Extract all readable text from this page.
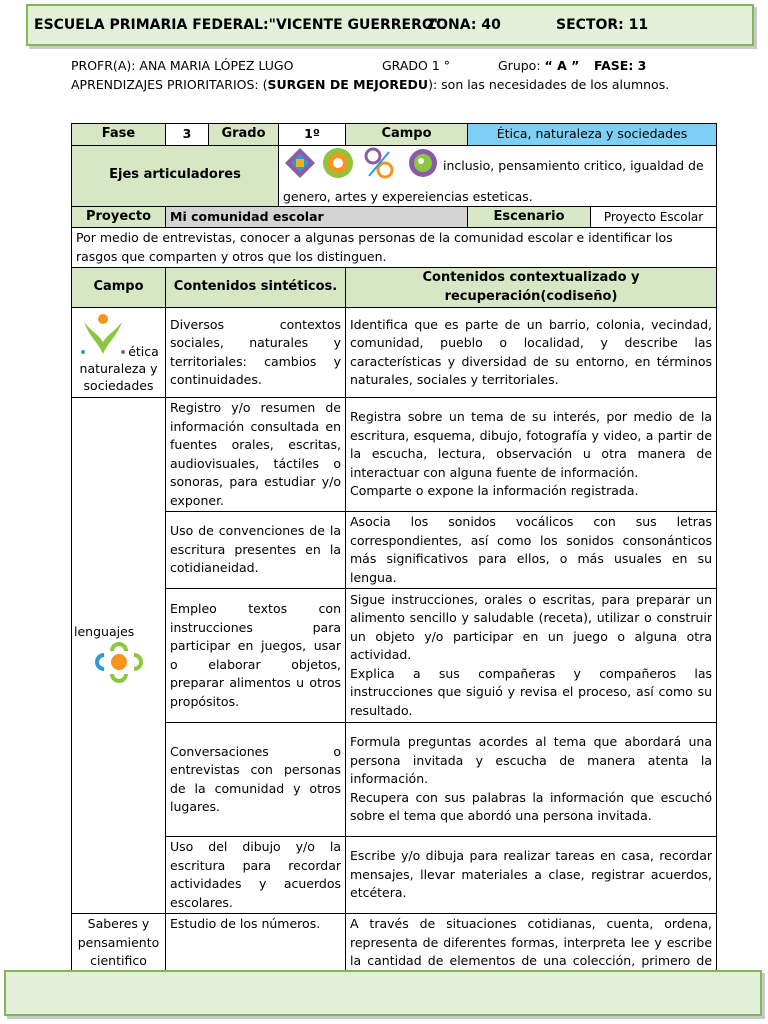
ESCUELA PRIMARIA FEDERAL:"VICENTE GUERRERO".
ZONA: 40	SECTOR: 11
PROFR(A): ANA MARIA LÓPEZ LUGO	GRADO 1 °	Grupo: “ A ” FASE: 3
APRENDIZAJES PRIORITARIOS: (SURGEN DE MEJOREDU): son las necesidades de los alumnos.
Fase	3	Grado	1º	Campo	Ética, naturaleza y sociedades	
Ejes articuladores			inclusio, pensamiento critico, igualdad de
genero, artes y expereiencias esteticas.			
Proyecto	Mi comunidad escolar				Escenario	Proyecto Escolar
Por medio de entrevistas, conocer a algunas personas de la comunidad escolar e identificar los rasgos que comparten y otros que los distinguen.						
Campo	Contenidos sintéticos.			Contenidos contextualizado y recuperación(codiseño)		
ética
naturaleza y sociedades	Diversos contextos sociales, naturales y territoriales: cambios y continuidades.			Identifica que es parte de un barrio, colonia, vecindad, comunidad, pueblo o localidad, y describe las características y diversidad de su entorno, en términos naturales, sociales y territoriales.		

lenguajes	Registro y/o resumen de información consultada en fuentes orales, escritas, audiovisuales, táctiles o sonoras, para estudiar y/o exponer.			Registra sobre un tema de su interés, por medio de la escritura, esquema, dibujo, fotografía y video, a partir de la escucha, lectura, observación u otra manera de interactuar con alguna fuente de información.
Comparte o expone la información registrada.		

	Uso de convenciones de la escritura presentes en la cotidianeidad.			Asocia los sonidos vocálicos con sus letras correspondientes, así como los sonidos consonánticos más significativos para ellos, o más usuales en su lengua.		
	Empleo textos con instrucciones para participar en juegos, usar o elaborar objetos, preparar alimentos u otros propósitos.			Sigue instrucciones, orales o escritas, para preparar un alimento sencillo y saludable (receta), utilizar o construir un objeto y/o participar en un juego o alguna otra actividad.
Explica a sus compañeras y compañeros las instrucciones que siguió y revisa el proceso, así como su resultado.		

	Conversaciones o entrevistas con personas de la comunidad y otros lugares.			Formula preguntas acordes al tema que abordará una persona invitada y escucha de manera atenta la información.
Recupera con sus palabras la información que escuchó sobre el tema que abordó una persona invitada.		

	Uso del dibujo y/o la escritura para recordar actividades y acuerdos escolares.			Escribe y/o dibuja para realizar tareas en casa, recordar mensajes, llevar materiales a clase, registrar acuerdos, etcétera.		
Saberes y pensamiento cientifico	Estudio de los números.			A través de situaciones cotidianas, cuenta, ordena, representa de diferentes formas, interpreta lee y escribe la cantidad de elementos de una colección, primero de		
